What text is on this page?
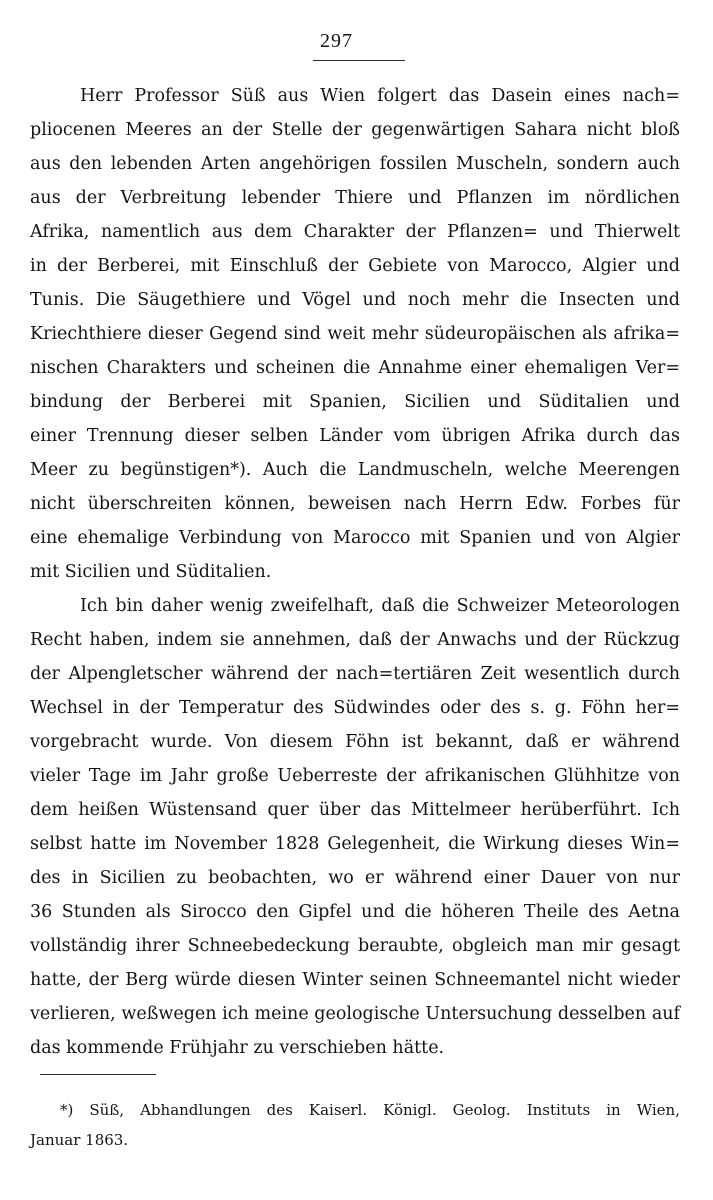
297
Herr Professor Süß aus Wien folgert das Dasein eines nach=
pliocenen Meeres an der Stelle der gegenwärtigen Sahara nicht bloß
aus den lebenden Arten angehörigen fossilen Muscheln, sondern auch
aus der Verbreitung lebender Thiere und Pflanzen im nördlichen
Afrika, namentlich aus dem Charakter der Pflanzen= und Thierwelt
in der Berberei, mit Einschluß der Gebiete von Marocco, Algier und
Tunis. Die Säugethiere und Vögel und noch mehr die Insecten und
Kriechthiere dieser Gegend sind weit mehr südeuropäischen als afrika=
nischen Charakters und scheinen die Annahme einer ehemaligen Ver=
bindung der Berberei mit Spanien, Sicilien und Süditalien und
einer Trennung dieser selben Länder vom übrigen Afrika durch das
Meer zu begünstigen*). Auch die Landmuscheln, welche Meerengen
nicht überschreiten können, beweisen nach Herrn Edw. Forbes für
eine ehemalige Verbindung von Marocco mit Spanien und von Algier
mit Sicilien und Süditalien.
Ich bin daher wenig zweifelhaft, daß die Schweizer Meteorologen
Recht haben, indem sie annehmen, daß der Anwachs und der Rückzug
der Alpengletscher während der nach=tertiären Zeit wesentlich durch
Wechsel in der Temperatur des Südwindes oder des s. g. Föhn her=
vorgebracht wurde. Von diesem Föhn ist bekannt, daß er während
vieler Tage im Jahr große Ueberreste der afrikanischen Glühhitze von
dem heißen Wüstensand quer über das Mittelmeer herüberführt. Ich
selbst hatte im November 1828 Gelegenheit, die Wirkung dieses Win=
des in Sicilien zu beobachten, wo er während einer Dauer von nur
36 Stunden als Sirocco den Gipfel und die höheren Theile des Aetna
vollständig ihrer Schneebedeckung beraubte, obgleich man mir gesagt
hatte, der Berg würde diesen Winter seinen Schneemantel nicht wieder
verlieren, weßwegen ich meine geologische Untersuchung desselben auf
das kommende Frühjahr zu verschieben hätte.
*) Süß, Abhandlungen des Kaiserl. Königl. Geolog. Instituts in Wien,
Januar 1863.
